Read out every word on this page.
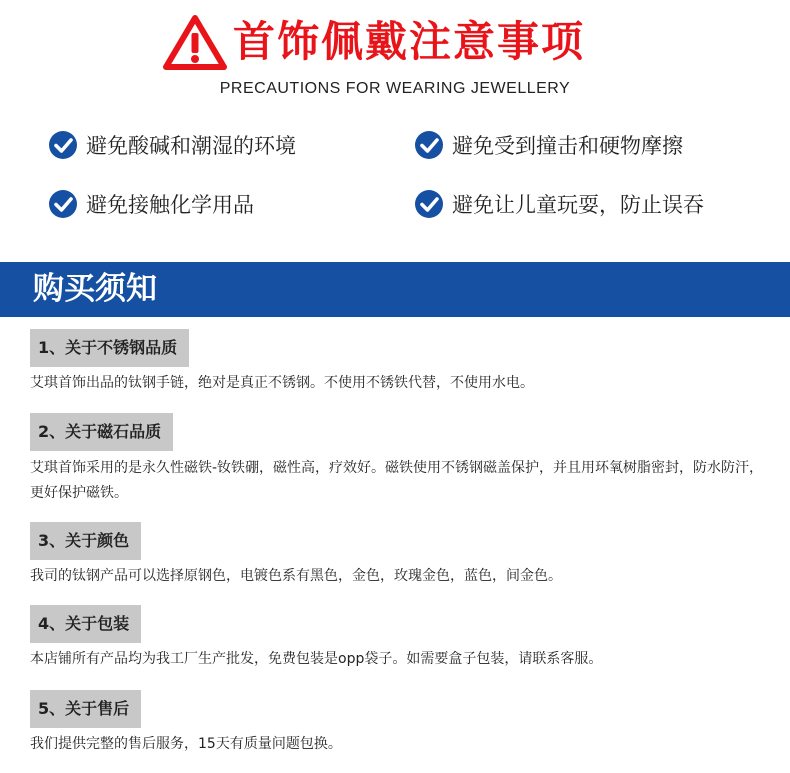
首饰佩戴注意事项
PRECAUTIONS FOR WEARING JEWELLERY
避免酸碱和潮湿的环境	避免受到撞击和硬物摩擦
避免接触化学用品	避免让儿童玩耍，防止误吞
购买须知
1、关于不锈钢品质
艾琪首饰出品的钛钢手链，绝对是真正不锈钢。不使用不锈铁代替，不使用水电。
2、关于磁石品质
艾琪首饰采用的是永久性磁铁-钕铁硼，磁性高，疗效好。磁铁使用不锈钢磁盖保护，并且用环氧树脂密封，防水防汗，更好保护磁铁。
3、关于颜色
我司的钛钢产品可以选择原钢色，电镀色系有黑色，金色，玫瑰金色，蓝色，间金色。
4、关于包装
本店铺所有产品均为我工厂生产批发，免费包装是opp袋子。如需要盒子包装，请联系客服。
5、关于售后
我们提供完整的售后服务，15天有质量问题包换。
